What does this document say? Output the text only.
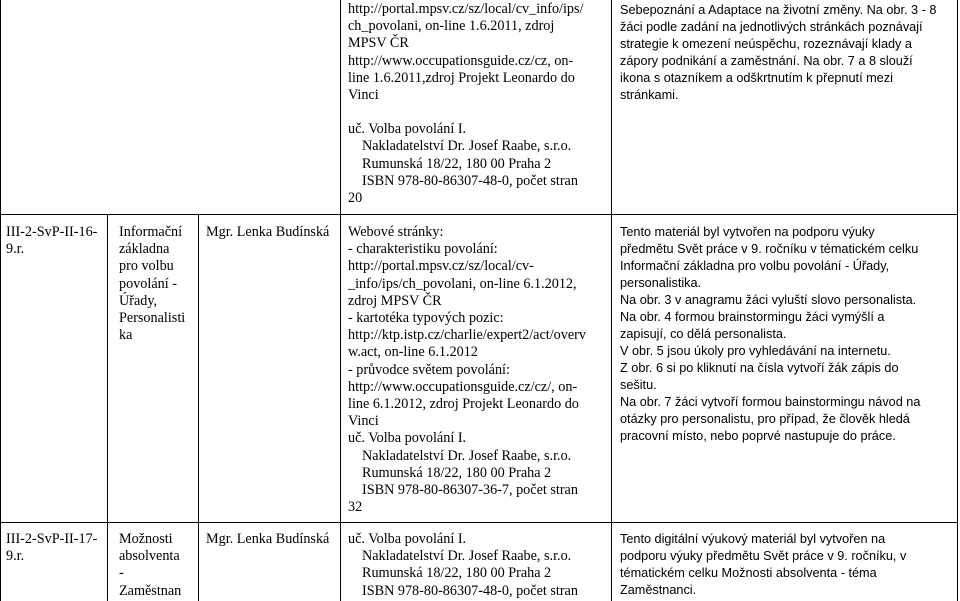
http://portal.mpsv.cz/sz/local/cv_info/ips/
ch_povolani, on-line 1.6.2011, zdroj
MPSV ČR
http://www.occupationsguide.cz/cz, on-
line 1.6.2011,zdroj Projekt Leonardo do
Vinci
uč. Volba povolání I.
Nakladatelství Dr. Josef Raabe, s.r.o.
Rumunská 18/22, 180 00 Praha 2
ISBN 978-80-86307-48-0, počet stran
20
Sebepoznání a Adaptace na životní změny. Na obr. 3 - 8
žáci podle zadání na jednotlivých stránkách poznávají
strategie k omezení neúspěchu, rozeznávají klady a
zápory podnikání a zaměstnání. Na obr. 7 a 8 slouží
ikona s otazníkem a odškrtnutím k přepnutí mezi
stránkami.
III-2-SvP-II-16-
9.r.
Informační
základna
pro volbu
povolání -
Úřady,
Personalisti
ka
Mgr. Lenka Budínská	Webové stránky:
- charakteristiku povolání:
http://portal.mpsv.cz/sz/local/cv-
_info/ips/ch_povolani, on-line 6.1.2012,
zdroj MPSV ČR
- kartotéka typových pozic:
http://ktp.istp.cz/charlie/expert2/act/overv
w.act, on-line 6.1.2012
- průvodce světem povolání:
http://www.occupationsguide.cz/cz/, on-
line 6.1.2012, zdroj Projekt Leonardo do
Vinci
uč. Volba povolání I.
Nakladatelství Dr. Josef Raabe, s.r.o.
Rumunská 18/22, 180 00 Praha 2
ISBN 978-80-86307-36-7, počet stran
32
Tento materiál byl vytvořen na podporu výuky
předmětu Svět práce v 9. ročníku v tématickém celku
Informační základna pro volbu povolání - Úřady,
personalistika.
Na obr. 3 v anagramu žáci vyluští slovo personalista.
Na obr. 4 formou brainstormingu žáci vymýšlí a
zapisují, co dělá personalista.
V obr. 5 jsou úkoly pro vyhledávání na internetu.
Z obr. 6 si po kliknutí na čísla vytvoří žák zápis do
sešitu.
Na obr. 7 žáci vytvoří formou bainstormingu návod na
otázky pro personalistu, pro případ, že člověk hledá
pracovní místo, nebo poprvé nastupuje do práce.
III-2-SvP-II-17-
9.r.
Možnosti
absolventa
-
Zaměstnan
Mgr. Lenka Budínská	uč. Volba povolání I.
Nakladatelství Dr. Josef Raabe, s.r.o.
Rumunská 18/22, 180 00 Praha 2
ISBN 978-80-86307-48-0, počet stran
Tento digitální výukový materiál byl vytvořen na
podporu výuky předmětu Svět práce v 9. ročníku, v
tématickém celku Možnosti absolventa - téma
Zaměstnanci.
